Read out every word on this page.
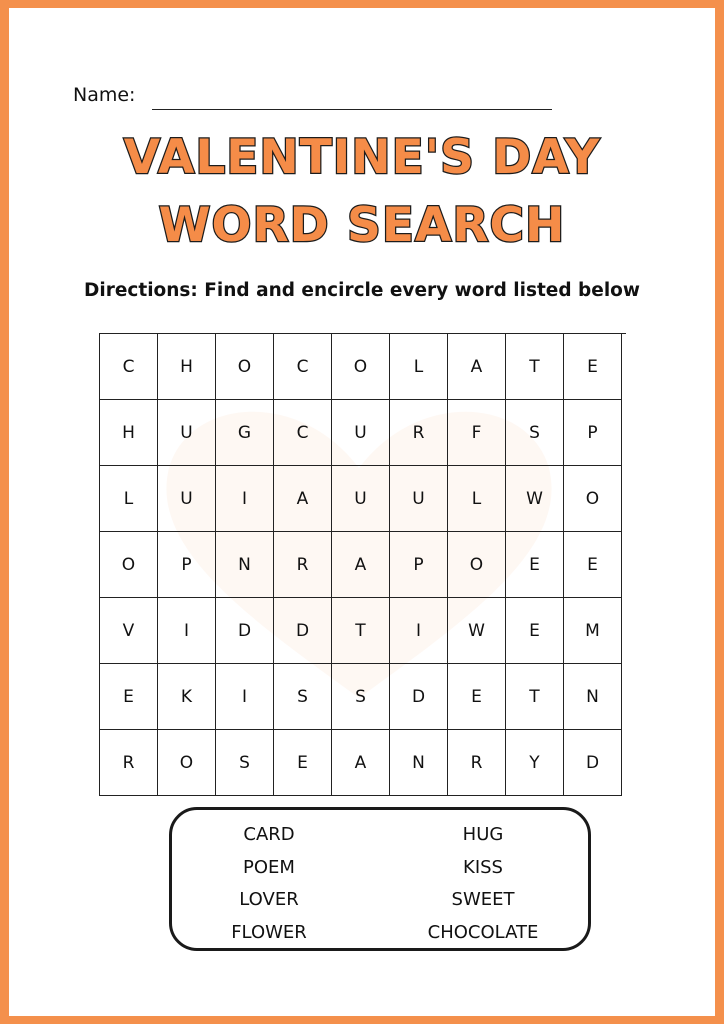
Name:
VALENTINE'S DAY
WORD SEARCH
Directions: Find and encircle every word listed below
C	H	O	C	O	L	A	T	E
H	U	G	C	U	R	F	S	P
L	U	I	A	U	U	L	W	O
O	P	N	R	A	P	O	E	E
V	I	D	D	T	I	W	E	M
E	K	I	S	S	D	E	T	N
R	O	S	E	A	N	R	Y	D
CARD
POEM
LOVER
FLOWER
HUG
KISS
SWEET
CHOCOLATE
